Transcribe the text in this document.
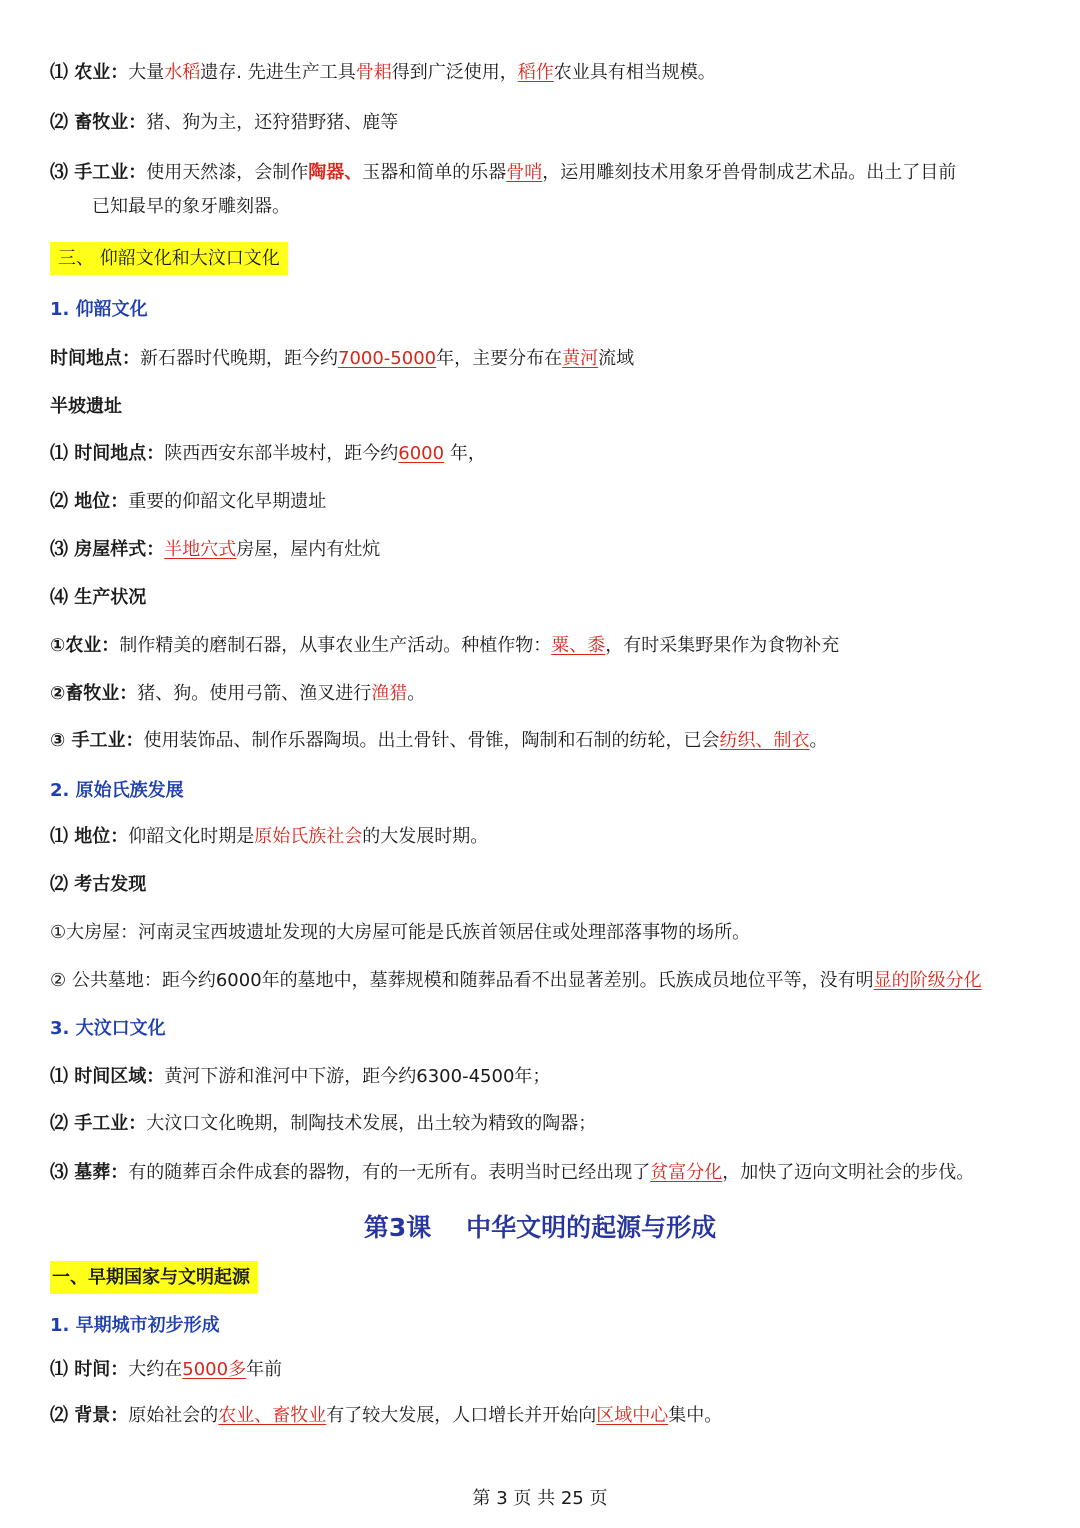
⑴ 农业：大量水稻遗存. 先进生产工具骨耜得到广泛使用，稻作农业具有相当规模。
⑵ 畜牧业：猪、狗为主，还狩猎野猪、鹿等
⑶ 手工业：使用天然漆，会制作陶器、玉器和简单的乐器骨哨，运用雕刻技术用象牙兽骨制成艺术品。出土了目前
已知最早的象牙雕刻器。
三、 仰韶文化和大汶口文化
1. 仰韶文化
时间地点：新石器时代晚期，距今约7000-5000年，主要分布在黄河流域
半坡遗址
⑴ 时间地点：陕西西安东部半坡村，距今约6000 年，
⑵ 地位：重要的仰韶文化早期遗址
⑶ 房屋样式：半地穴式房屋，屋内有灶炕
⑷ 生产状况
①农业：制作精美的磨制石器，从事农业生产活动。种植作物：粟、黍，有时采集野果作为食物补充
②畜牧业：猪、狗。使用弓箭、渔叉进行渔猎。
③ 手工业：使用装饰品、制作乐器陶埙。出土骨针、骨锥，陶制和石制的纺轮，已会纺织、制衣。
2. 原始氏族发展
⑴ 地位：仰韶文化时期是原始氏族社会的大发展时期。
⑵ 考古发现
①大房屋：河南灵宝西坡遗址发现的大房屋可能是氏族首领居住或处理部落事物的场所。
② 公共墓地：距今约6000年的墓地中，墓葬规模和随葬品看不出显著差别。氏族成员地位平等，没有明显的阶级分化
3. 大汶口文化
⑴ 时间区域：黄河下游和淮河中下游，距今约6300-4500年；
⑵ 手工业：大汶口文化晚期，制陶技术发展，出土较为精致的陶器；
⑶ 墓葬：有的随葬百余件成套的器物，有的一无所有。表明当时已经出现了贫富分化，加快了迈向文明社会的步伐。
第3课    中华文明的起源与形成
一、早期国家与文明起源
1. 早期城市初步形成
⑴ 时间：大约在5000多年前
⑵ 背景：原始社会的农业、畜牧业有了较大发展，人口增长并开始向区域中心集中。
第 3 页 共 25 页
